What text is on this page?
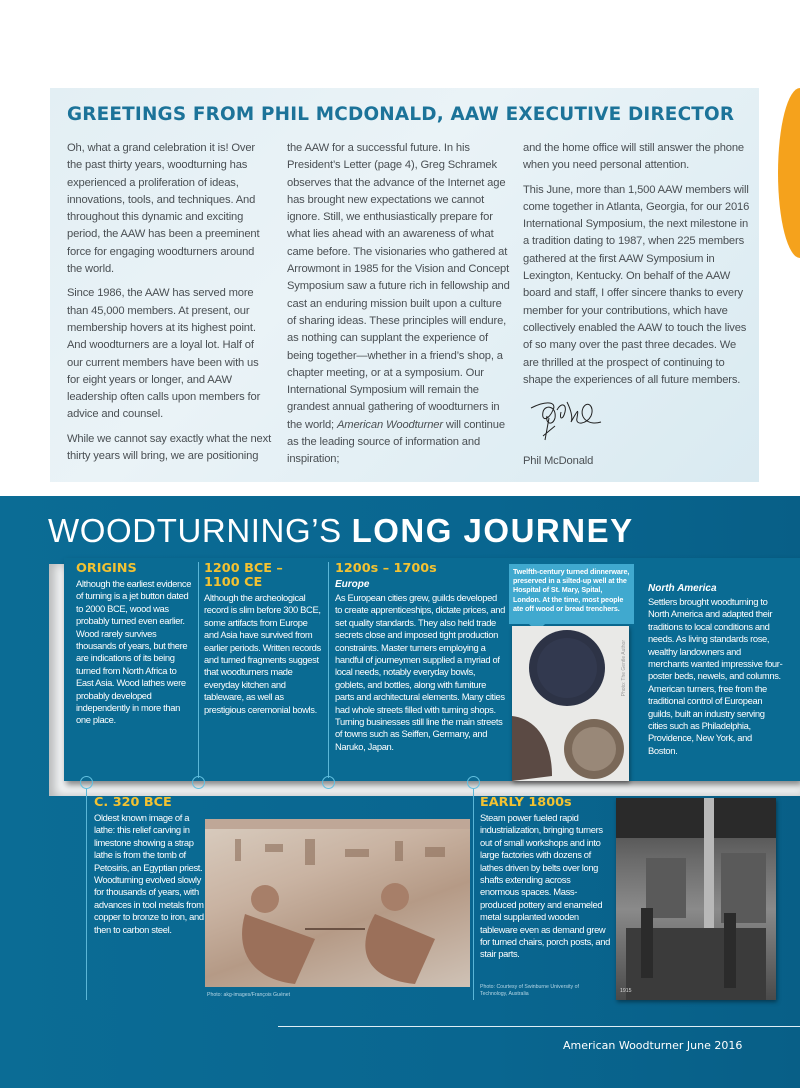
GREETINGS FROM PHIL MCDONALD, AAW EXECUTIVE DIRECTOR

Oh, what a grand celebration it is! Over the past thirty years, woodturning has experienced a proliferation of ideas, innovations, tools, and techniques. And throughout this dynamic and exciting period, the AAW has been a preeminent force for engaging woodturners around the world.

Since 1986, the AAW has served more than 45,000 members. At present, our membership hovers at its highest point. And woodturners are a loyal lot. Half of our current members have been with us for eight years or longer, and AAW leadership often calls upon members for advice and counsel.

While we cannot say exactly what the next thirty years will bring, we are positioning

the AAW for a successful future. In his President’s Letter (page 4), Greg Schramek observes that the advance of the Internet age has brought new expectations we cannot ignore. Still, we enthusiastically prepare for what lies ahead with an awareness of what came before. The visionaries who gathered at Arrowmont in 1985 for the Vision and Concept Symposium saw a future rich in fellowship and cast an enduring mission built upon a culture of sharing ideas. These principles will endure, as nothing can supplant the experience of being together—whether in a friend’s shop, a chapter meeting, or at a symposium. Our International Symposium will remain the grandest annual gathering of woodturners in the world; American Woodturner will continue as the leading source of information and inspiration;

and the home office will still answer the phone when you need personal attention.

This June, more than 1,500 AAW members will come together in Atlanta, Georgia, for our 2016 International Symposium, the next milestone in a tradition dating to 1987, when 225 members gathered at the first AAW Symposium in Lexington, Kentucky. On behalf of the AAW board and staff, I offer sincere thanks to every member for your contributions, which have collectively enabled the AAW to touch the lives of so many over the past three decades. We are thrilled at the prospect of continuing to shape the experiences of all future members.

Phil McDonald

WOODTURNING’S LONG JOURNEY
ORIGINS
Although the earliest evidence of turning is a jet button dated to 2000 BCE, wood was probably turned even earlier. Wood rarely survives thousands of years, but there are indications of its being turned from North Africa to East Asia. Wood lathes were probably developed independently in more than one place.
1200 BCE –
1100 CE
Although the archeological record is slim before 300 BCE, some artifacts from Europe and Asia have survived from earlier periods. Written records and turned fragments suggest that woodturners made everyday kitchen and tableware, as well as prestigious ceremonial bowls.
1200s – 1700s
Europe
As European cities grew, guilds developed to create apprenticeships, dictate prices, and set quality standards. They also held trade secrets close and imposed tight production constraints. Master turners employing a handful of journeymen supplied a myriad of local needs, notably everyday bowls, goblets, and bottles, along with furniture parts and architectural elements. Many cities had whole streets filled with turning shops. Turning businesses still line the main streets of towns such as Seiffen, Germany, and Naruko, Japan.
Twelfth-century turned dinnerware, preserved in a silted-up well at the Hospital of St. Mary, Spital, London. At the time, most people ate off wood or bread trenchers.
Photo: The Gentle Author
North America
Settlers brought woodturning to North America and adapted their traditions to local conditions and needs. As living standards rose, wealthy landowners and merchants wanted impressive four-poster beds, newels, and columns. American turners, free from the traditional control of European guilds, built an industry serving cities such as Philadelphia, Providence, New York, and Boston.
C. 320 BCE
Oldest known image of a lathe: this relief carving in limestone showing a strap lathe is from the tomb of Petosiris, an Egyptian priest. Woodturning evolved slowly for thousands of years, with advances in tool metals from copper to bronze to iron, and then to carbon steel.
Photo: akg-images/François Guénet
EARLY 1800s
Steam power fueled rapid industrialization, bringing turners out of small workshops and into large factories with dozens of lathes driven by belts over long shafts extending across enormous spaces. Mass-produced pottery and enameled metal supplanted wooden tableware even as demand grew for turned chairs, porch posts, and stair parts.
Photo: Courtesy of Swinburne University of Technology, Australia	1915
American Woodturner June 2016
